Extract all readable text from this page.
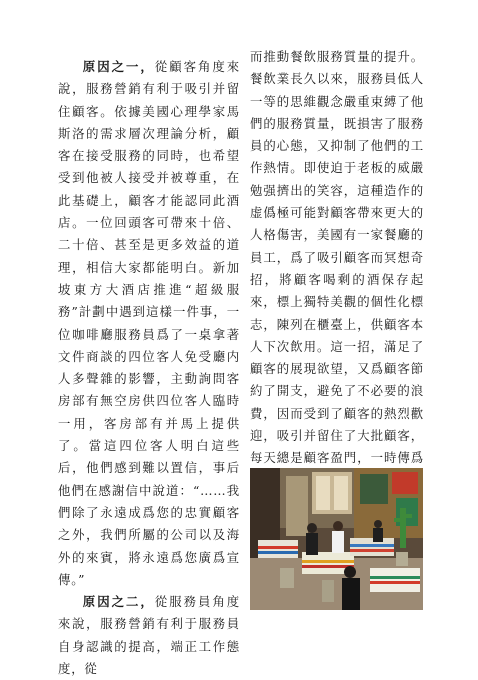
原因之一，從顧客角度來說，服務營銷有利于吸引并留住顧客。依據美國心理學家馬斯洛的需求層次理論分析，顧客在接受服務的同時，也希望受到他被人接受并被尊重，在此基礎上，顧客才能認同此酒店。一位回頭客可帶來十倍、二十倍、甚至是更多效益的道理，相信大家都能明白。新加坡東方大酒店推進“超級服務”計劃中遇到這樣一件事，一位咖啡廳服務員爲了一桌拿著文件商談的四位客人免受廳内人多聲雜的影響，主動詢問客房部有無空房供四位客人臨時一用，客房部有并馬上提供了。當這四位客人明白這些后，他們感到難以置信，事后他們在感謝信中說道：“……我們除了永遠成爲您的忠實顧客之外，我們所屬的公司以及海外的來賓，將永遠爲您廣爲宣傳。”

原因之二，從服務員角度來說，服務營銷有利于服務員自身認識的提高，端正工作態度，從

而推動餐飲服務質量的提升。餐飲業長久以來，服務員低人一等的思維觀念嚴重束縛了他們的服務質量，既損害了服務員的心態，又抑制了他們的工作熱情。即使迫于老板的威嚴勉强擠出的笑容，這種造作的虚僞極可能對顧客帶來更大的人格傷害，美國有一家餐廳的員工，爲了吸引顧客而冥想奇招，將顧客喝剩的酒保存起來，標上獨特美觀的個性化標志，陳列在櫃臺上，供顧客本人下次飲用。這一招，滿足了顧客的展現欲望，又爲顧客節約了開支，避免了不必要的浪費，因而受到了顧客的熱烈歡迎，吸引并留住了大批顧客，每天總是顧客盈門，一時傳爲
